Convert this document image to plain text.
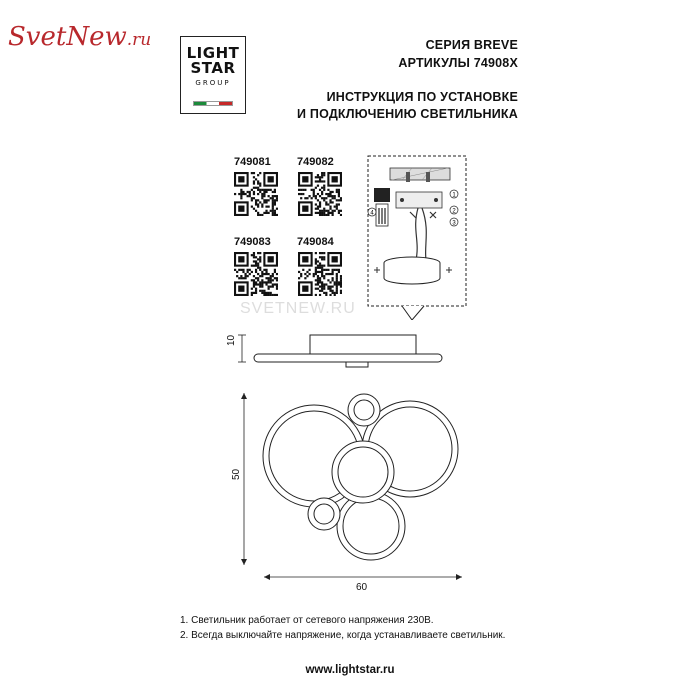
SvetNew.ru
LIGHT
STAR
GROUP
СЕРИЯ BREVE
АРТИКУЛЫ 74908X
ИНСТРУКЦИЯ ПО УСТАНОВКЕ
И ПОДКЛЮЧЕНИЮ СВЕТИЛЬНИКА
749081 749082
749083 749084
1
2
3
4
SVETNEW.RU
10
50
60
1. Светильник работает от сетевого напряжения 230В.
2. Всегда выключайте напряжение, когда устанавливаете светильник.
www.lightstar.ru
